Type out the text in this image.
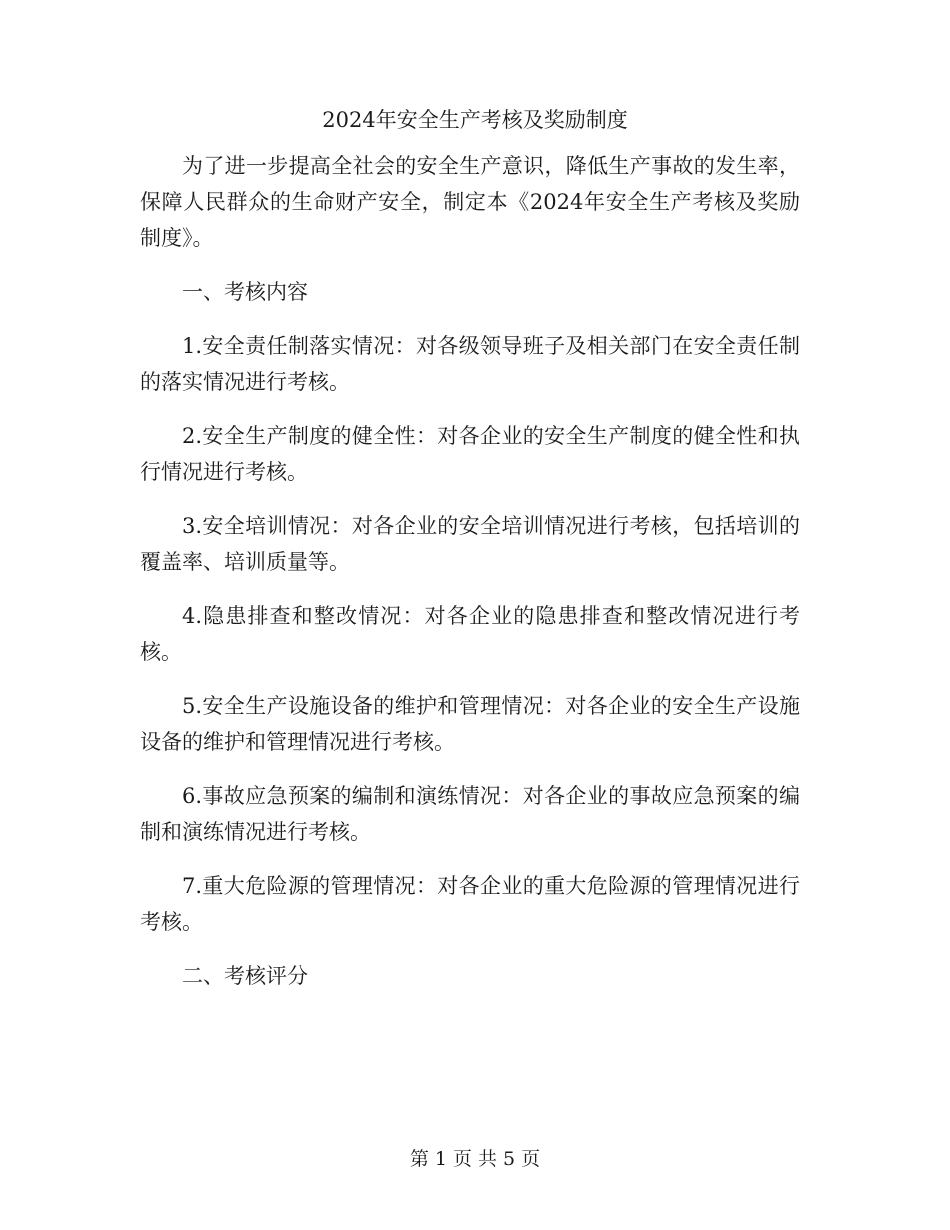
2024年安全生产考核及奖励制度

为了进一步提高全社会的安全生产意识，降低生产事故的发生率，保障人民群众的生命财产安全，制定本《2024年安全生产考核及奖励制度》。

一、考核内容

1.安全责任制落实情况：对各级领导班子及相关部门在安全责任制的落实情况进行考核。

2.安全生产制度的健全性：对各企业的安全生产制度的健全性和执行情况进行考核。

3.安全培训情况：对各企业的安全培训情况进行考核，包括培训的覆盖率、培训质量等。

4.隐患排查和整改情况：对各企业的隐患排查和整改情况进行考核。

5.安全生产设施设备的维护和管理情况：对各企业的安全生产设施设备的维护和管理情况进行考核。

6.事故应急预案的编制和演练情况：对各企业的事故应急预案的编制和演练情况进行考核。

7.重大危险源的管理情况：对各企业的重大危险源的管理情况进行考核。

二、考核评分

第 1 页 共 5 页
